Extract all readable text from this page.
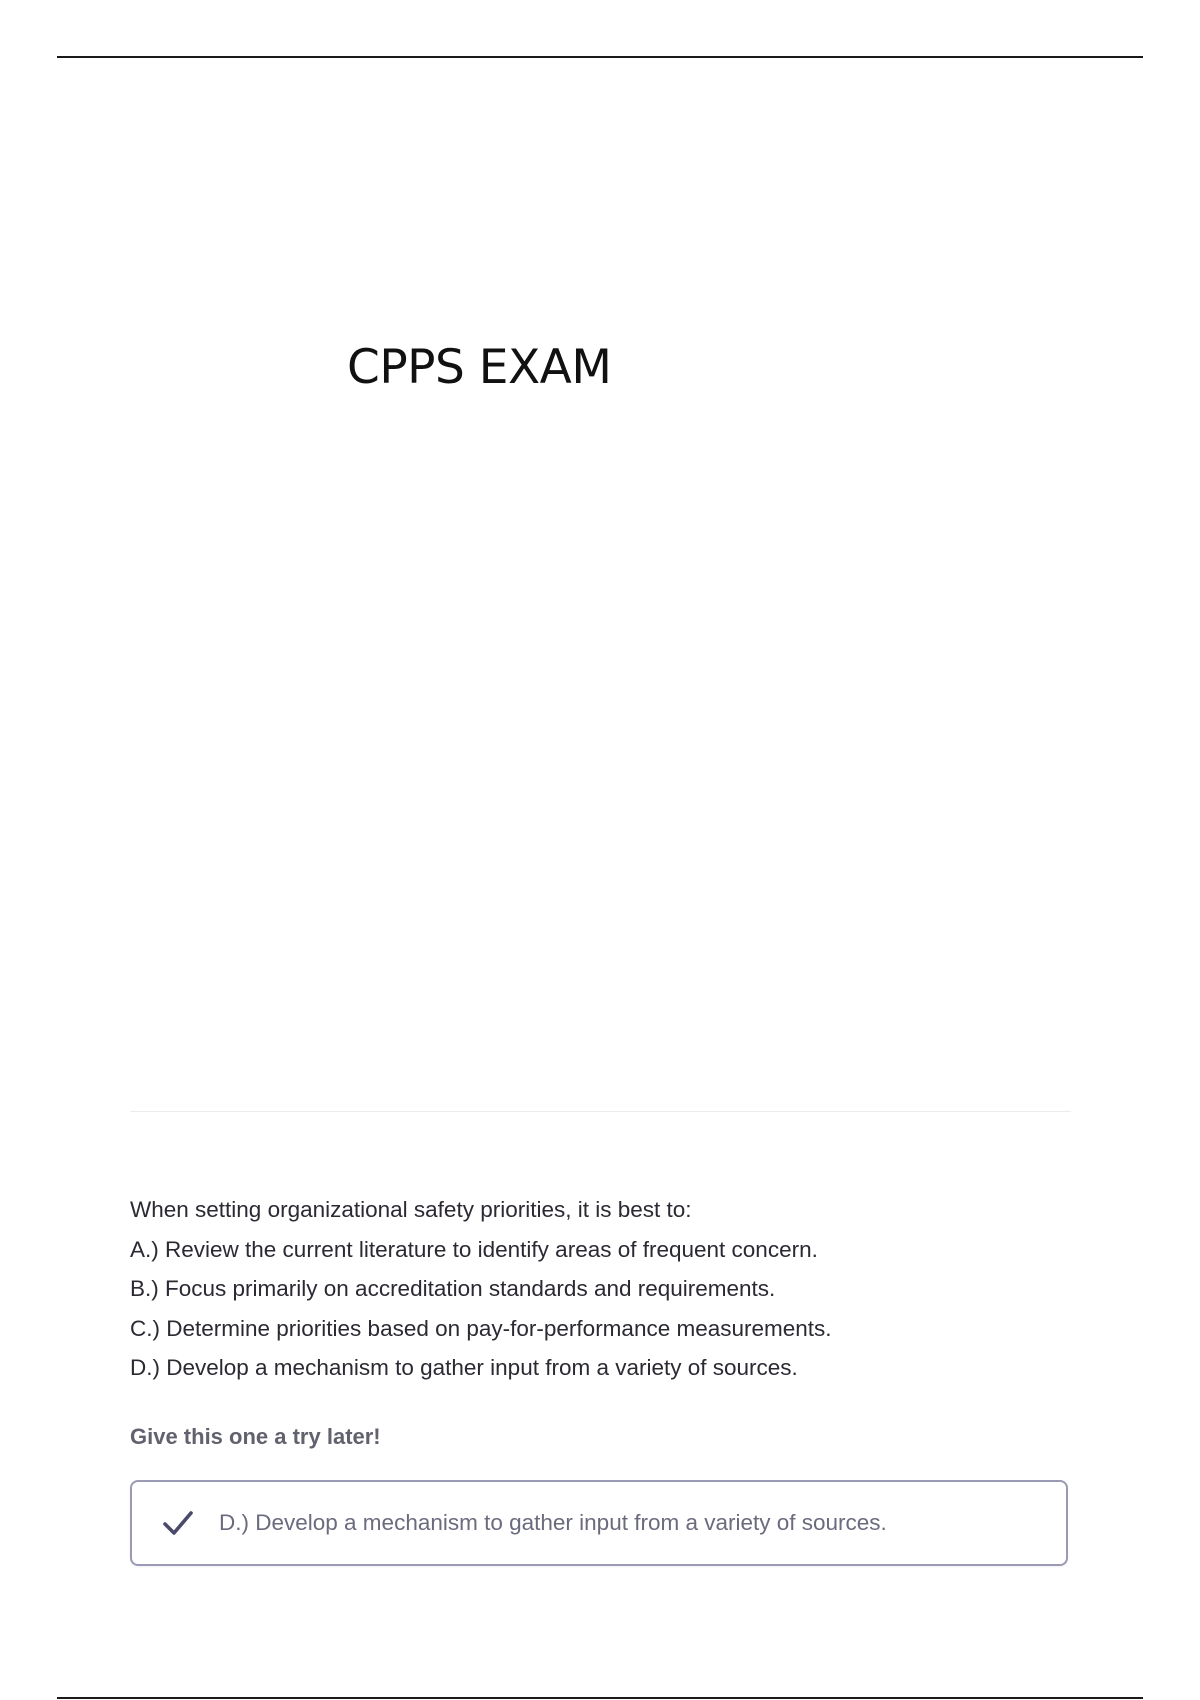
CPPS EXAM
When setting organizational safety priorities, it is best to:
A.) Review the current literature to identify areas of frequent concern.
B.) Focus primarily on accreditation standards and requirements.
C.) Determine priorities based on pay-for-performance measurements.
D.) Develop a mechanism to gather input from a variety of sources.
Give this one a try later!
D.) Develop a mechanism to gather input from a variety of sources.
